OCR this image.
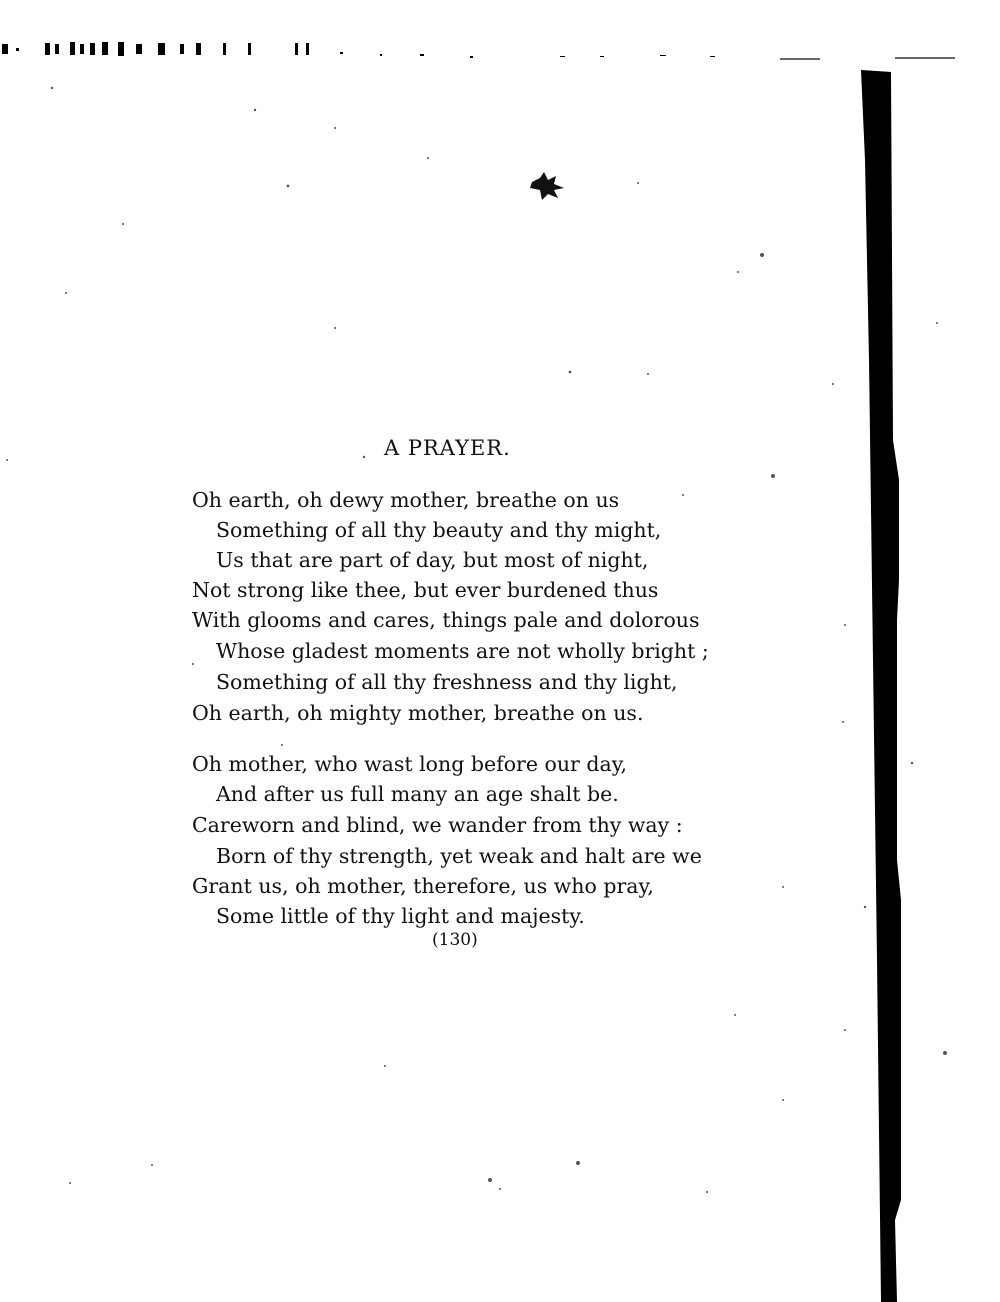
A PRAYER.
Oh earth, oh dewy mother, breathe on us
Something of all thy beauty and thy might,
Us that are part of day, but most of night,
Not strong like thee, but ever burdened thus
With glooms and cares, things pale and dolorous
Whose gladest moments are not wholly bright ;
Something of all thy freshness and thy light,
Oh earth, oh mighty mother, breathe on us.
Oh mother, who wast long before our day,
And after us full many an age shalt be.
Careworn and blind, we wander from thy way :
Born of thy strength, yet weak and halt are we
Grant us, oh mother, therefore, us who pray,
Some little of thy light and majesty.
(130)
